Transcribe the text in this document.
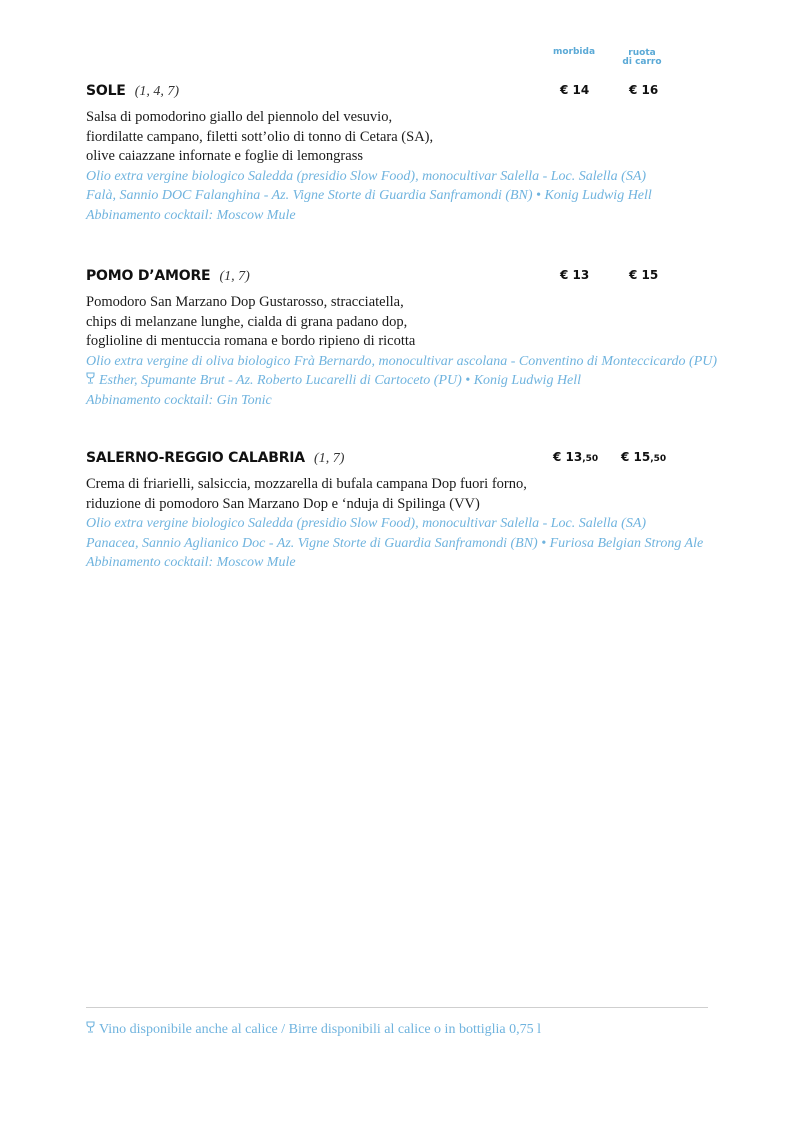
morbida	ruota
di carro
SOLE (1, 4, 7)	€ 14	€ 16
Salsa di pomodorino giallo del piennolo del vesuvio,
fiordilatte campano, filetti sott’olio di tonno di Cetara (SA),
olive caiazzane infornate e foglie di lemongrass
Olio extra vergine biologico Saledda (presidio Slow Food), monocultivar Salella - Loc. Salella (SA)
Falà, Sannio DOC Falanghina - Az. Vigne Storte di Guardia Sanframondi (BN) • Konig Ludwig Hell
Abbinamento cocktail: Moscow Mule
POMO D’AMORE (1, 7)	€ 13	€ 15
Pomodoro San Marzano Dop Gustarosso, stracciatella,
chips di melanzane lunghe, cialda di grana padano dop,
foglioline di mentuccia romana e bordo ripieno di ricotta
Olio extra vergine di oliva biologico Frà Bernardo, monocultivar ascolana - Conventino di Monteccicardo (PU)
Esther, Spumante Brut - Az. Roberto Lucarelli di Cartoceto (PU) • Konig Ludwig Hell
Abbinamento cocktail: Gin Tonic
SALERNO-REGGIO CALABRIA (1, 7)	€ 13,50 € 15,50
Crema di friarielli, salsiccia, mozzarella di bufala campana Dop fuori forno,
riduzione di pomodoro San Marzano Dop e ‘nduja di Spilinga (VV)
Olio extra vergine biologico Saledda (presidio Slow Food), monocultivar Salella - Loc. Salella (SA)
Panacea, Sannio Aglianico Doc - Az. Vigne Storte di Guardia Sanframondi (BN) • Furiosa Belgian Strong Ale
Abbinamento cocktail: Moscow Mule
Vino disponibile anche al calice / Birre disponibili al calice o in bottiglia 0,75 l
